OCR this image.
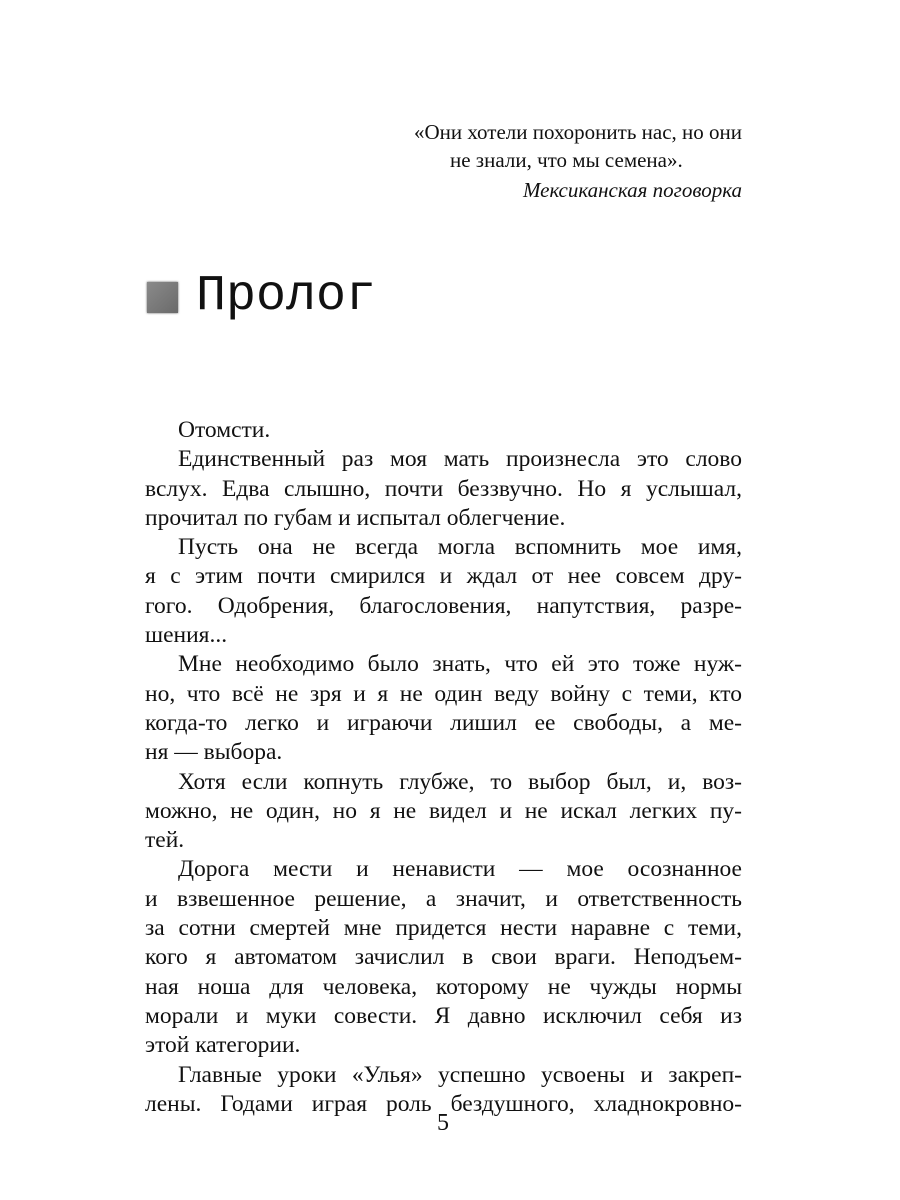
«Они хотели похоронить нас, но они
не знали, что мы семена».
Мексиканская поговорка
Пролог
Отомсти.
Единственный раз моя мать произнесла это слово
вслух. Едва слышно, почти беззвучно. Но я услышал,
прочитал по губам и испытал облегчение.
Пусть она не всегда могла вспомнить мое имя,
я с этим почти смирился и ждал от нее совсем дру-
гого. Одобрения, благословения, напутствия, разре-
шения...
Мне необходимо было знать, что ей это тоже нуж-
но, что всё не зря и я не один веду войну с теми, кто
когда-то легко и играючи лишил ее свободы, а ме-
ня — выбора.
Хотя если копнуть глубже, то выбор был, и, воз-
можно, не один, но я не видел и не искал легких пу-
тей.
Дорога мести и ненависти — мое осознанное
и взвешенное решение, а значит, и ответственность
за сотни смертей мне придется нести наравне с теми,
кого я автоматом зачислил в свои враги. Неподъем-
ная ноша для человека, которому не чужды нормы
морали и муки совести. Я давно исключил себя из
этой категории.
Главные уроки «Улья» успешно усвоены и закреп-
лены. Годами играя роль бездушного, хладнокровно-
5
